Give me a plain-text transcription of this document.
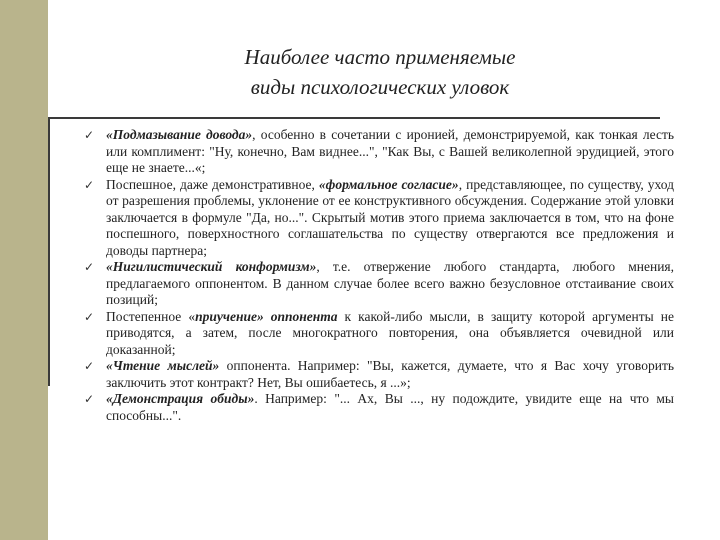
Наиболее часто применяемые
виды психологических уловок

✓ «Подмазывание довода», особенно в сочетании с иронией, демонстрируемой, как тонкая лесть или комплимент: "Ну, конечно, Вам виднее...", "Как Вы, с Вашей великолепной эрудицией, этого еще не знаете...«;

✓ Поспешное, даже демонстративное, «формальное согласие», представляющее, по существу, уход от разрешения проблемы, уклонение от ее конструктивного обсуждения. Содержание этой уловки заключается в формуле "Да, но...". Скрытый мотив этого приема заключается в том, что на фоне поспешного, поверхностного соглашательства по существу отвергаются все предложения и доводы партнера;

✓ «Нигилистический конформизм», т.е. отвержение любого стандарта, любого мнения, предлагаемого оппонентом. В данном случае более всего важно безусловное отстаивание своих позиций;

✓ Постепенное «приучение» оппонента к какой-либо мысли, в защиту которой аргументы не приводятся, а затем, после многократного повторения, она объявляется очевидной или доказанной;

✓ «Чтение мыслей» оппонента. Например: "Вы, кажется, думаете, что я Вас хочу уговорить заключить этот контракт? Нет, Вы ошибаетесь, я ...»;

✓ «Демонстрация обиды». Например: "... Ах, Вы ..., ну подождите, увидите еще на что мы способны...".
